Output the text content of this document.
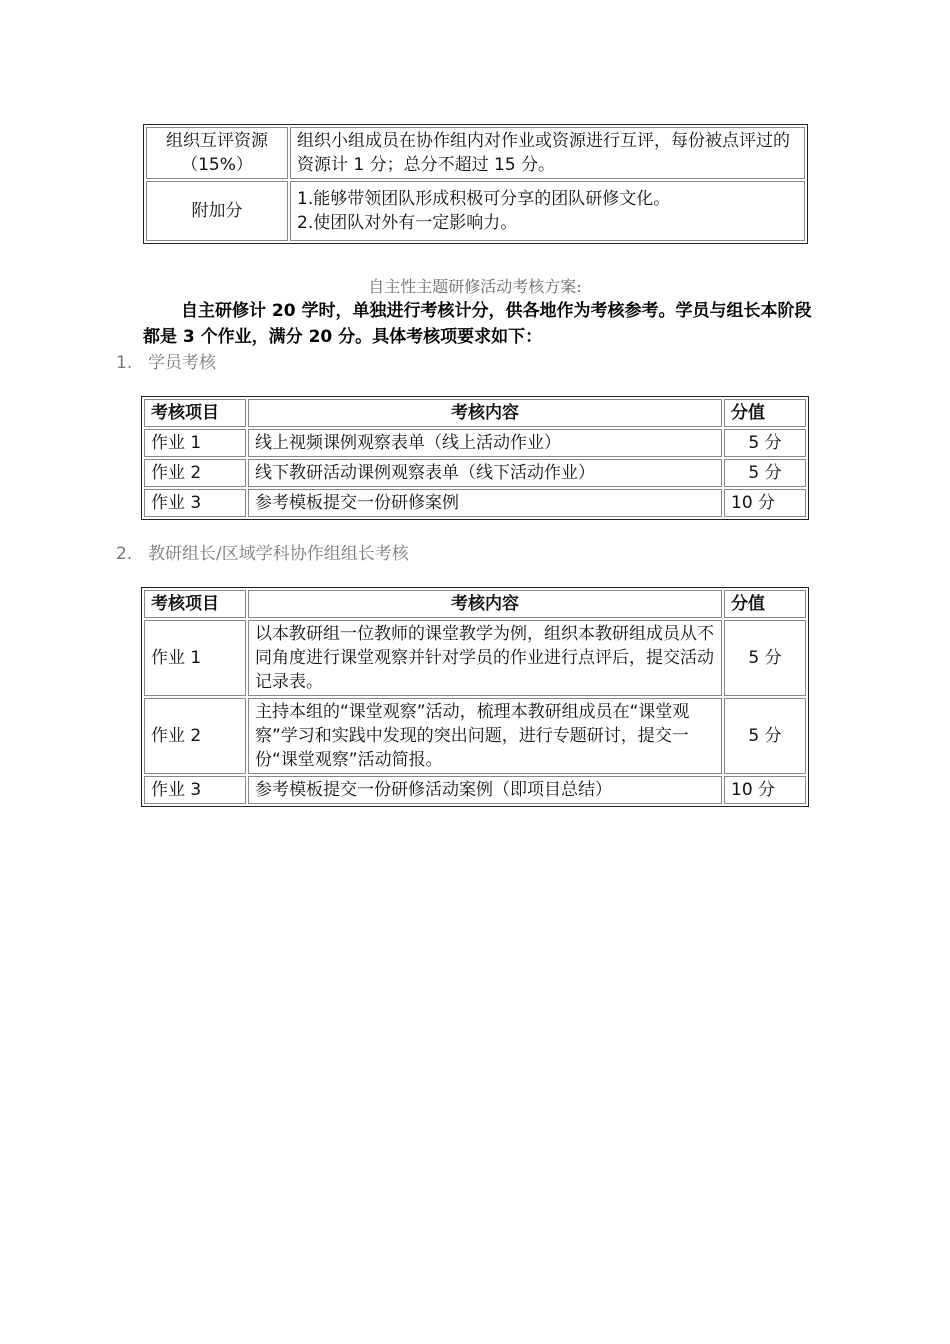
组织互评资源（15%）	组织小组成员在协作组内对作业或资源进行互评，每份被点评过的资源计 1 分；总分不超过 15 分。
附加分	1.能够带领团队形成积极可分享的团队研修文化。
2.使团队对外有一定影响力。
自主性主题研修活动考核方案:
自主研修计 20 学时，单独进行考核计分，供各地作为考核参考。学员与组长本阶段都是 3 个作业，满分 20 分。具体考核项要求如下：
1. 学员考核
考核项目	考核内容	分值
作业 1	线上视频课例观察表单（线上活动作业）	5 分
作业 2	线下教研活动课例观察表单（线下活动作业）	5 分
作业 3	参考模板提交一份研修案例	10 分
2. 教研组长/区域学科协作组组长考核
考核项目	考核内容	分值
作业 1	以本教研组一位教师的课堂教学为例，组织本教研组成员从不同角度进行课堂观察并针对学员的作业进行点评后，提交活动记录表。	5 分
作业 2	主持本组的“课堂观察”活动，梳理本教研组成员在“课堂观察”学习和实践中发现的突出问题，进行专题研讨，提交一份“课堂观察”活动简报。	5 分
作业 3	参考模板提交一份研修活动案例（即项目总结）	10 分
